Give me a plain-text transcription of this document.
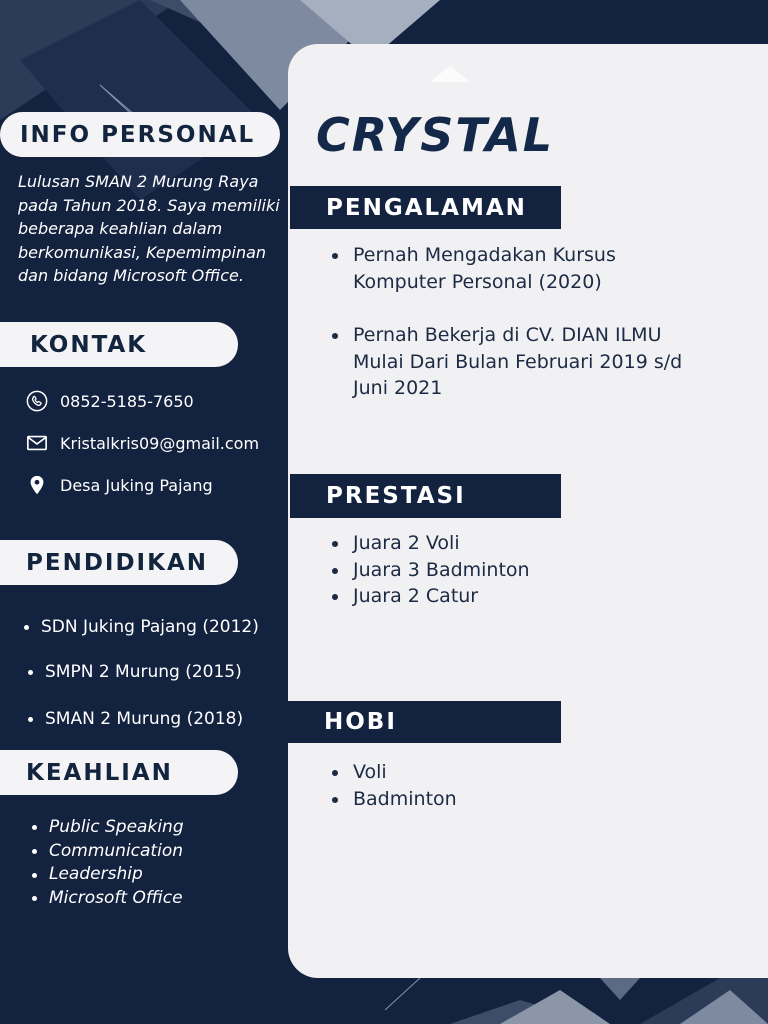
CRYSTAL
INFO PERSONAL
Lulusan SMAN 2 Murung Raya pada Tahun 2018. Saya memiliki beberapa keahlian dalam berkomunikasi, Kepemimpinan dan bidang Microsoft Office.
KONTAK
0852-5185-7650
Kristalkris09@gmail.com
Desa Juking Pajang
PENDIDIKAN
SDN Juking Pajang (2012)
SMPN 2 Murung (2015)
SMAN 2 Murung (2018)
KEAHLIAN
Public Speaking
Communication
Leadership
Microsoft Office
PENGALAMAN
Pernah Mengadakan Kursus Komputer Personal (2020)
Pernah Bekerja di CV. DIAN ILMU Mulai Dari Bulan Februari 2019 s/d Juni 2021
PRESTASI
Juara 2 Voli
Juara 3 Badminton
Juara 2 Catur
HOBI
Voli
Badminton
